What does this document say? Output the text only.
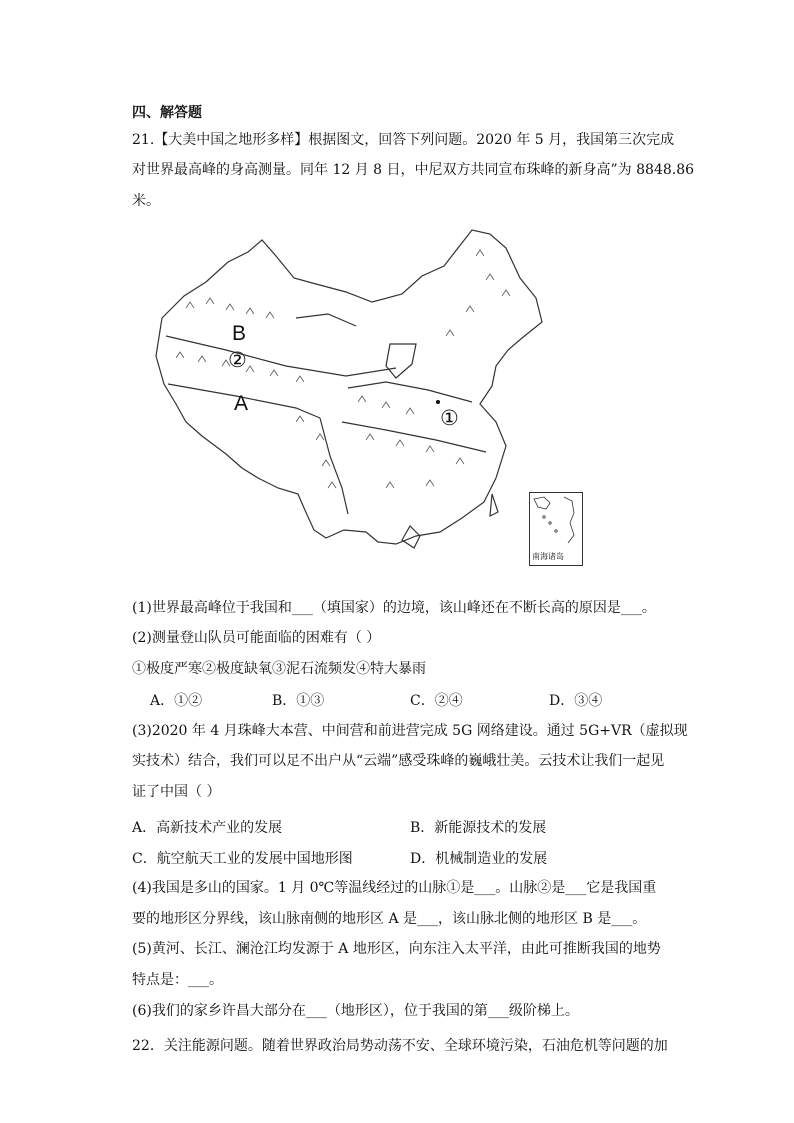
四、解答题
21.【大美中国之地形多样】根据图文，回答下列问题。2020 年 5 月，我国第三次完成
对世界最高峰的身高测量。同年 12 月 8 日，中尼双方共同宣布珠峰的新身高”为 8848.86
米。
B
②
A
①
南海诸岛
(1)世界最高峰位于我国和___（填国家）的边境，该山峰还在不断长高的原因是___。
(2)测量登山队员可能面临的困难有（ ）
①极度严寒②极度缺氧③泥石流频发④特大暴雨
A．①②	B．①③	C．②④	D．③④
(3)2020 年 4 月珠峰大本营、中间营和前进营完成 5G 网络建设。通过 5G+VR（虚拟现
实技术）结合，我们可以足不出户从“云端”感受珠峰的巍峨壮美。云技术让我们一起见
证了中国（ ）
A．高新技术产业的发展	B．新能源技术的发展
C．航空航天工业的发展中国地形图	D．机械制造业的发展
(4)我国是多山的国家。1 月 0℃等温线经过的山脉①是___。山脉②是___它是我国重
要的地形区分界线，该山脉南侧的地形区 A 是___，该山脉北侧的地形区 B 是___。
(5)黄河、长江、澜沧江均发源于 A 地形区，向东注入太平洋，由此可推断我国的地势
特点是：___。
(6)我们的家乡许昌大部分在___（地形区），位于我国的第___级阶梯上。
22．关注能源问题。随着世界政治局势动荡不安、全球环境污染，石油危机等问题的加
